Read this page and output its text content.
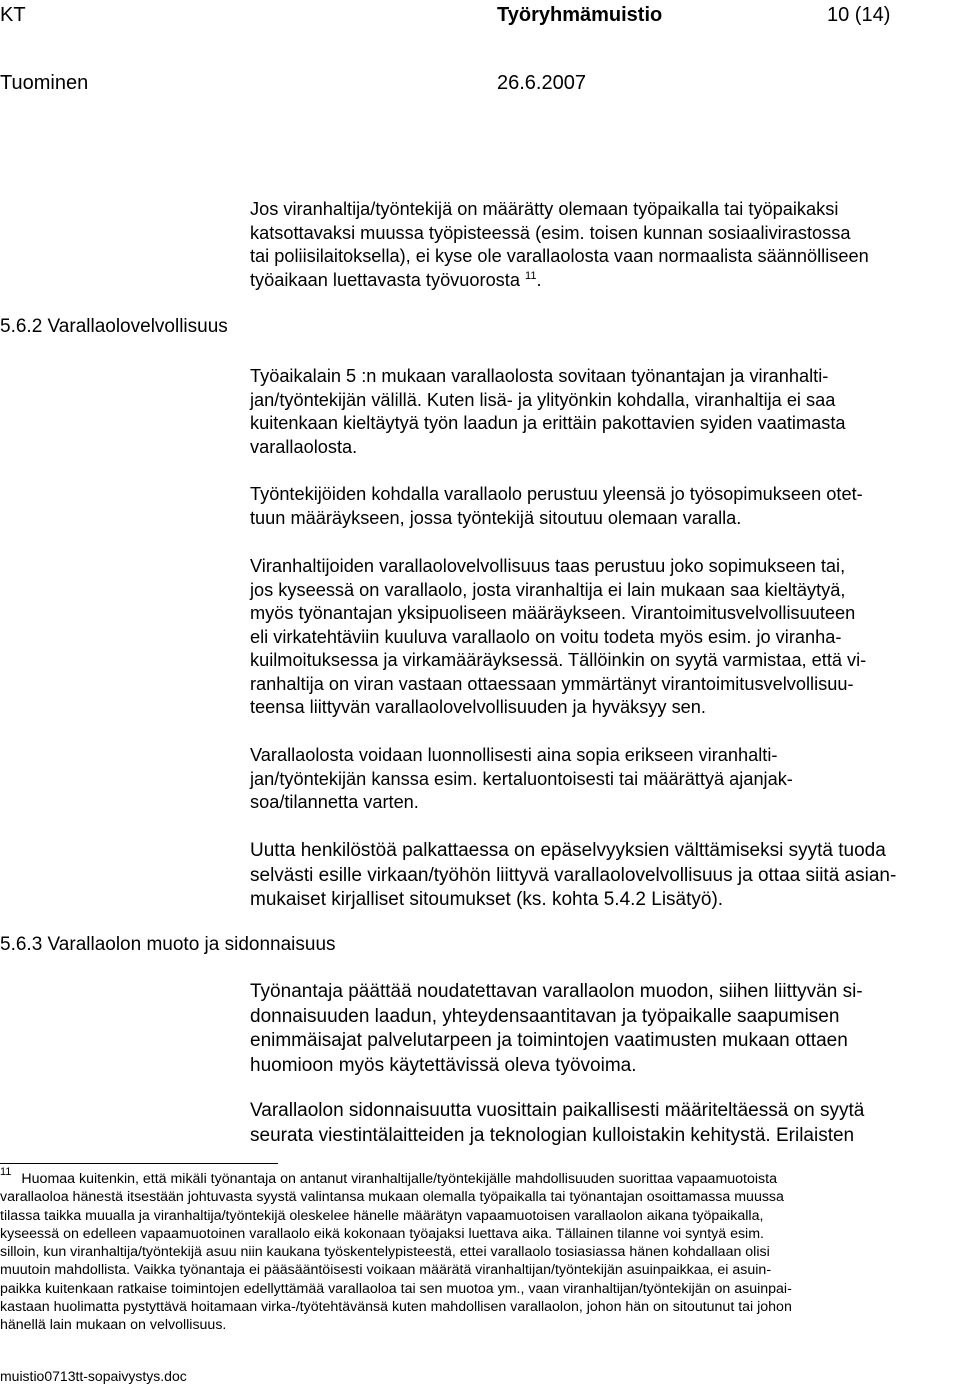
KT	Työryhmämuistio	10 (14)
Tuominen	26.6.2007

Jos viranhaltija/työntekijä on määrätty olemaan työpaikalla tai työpaikaksi

katsottavaksi muussa työpisteessä (esim. toisen kunnan sosiaalivirastossa

tai poliisilaitoksella), ei kyse ole varallaolosta vaan normaalista säännölliseen

työaikaan luettavasta työvuorosta $^{11}$.

5.6.2 Varallaolovelvollisuus

Työaikalain 5 :n mukaan varallaolosta sovitaan työnantajan ja viranhalti-

jan/työntekijän välillä. Kuten lisä- ja ylityönkin kohdalla, viranhaltija ei saa

kuitenkaan kieltäytyä työn laadun ja erittäin pakottavien syiden vaatimasta

varallaolosta.

Työntekijöiden kohdalla varallaolo perustuu yleensä jo työsopimukseen otet-

tuun määräykseen, jossa työntekijä sitoutuu olemaan varalla.

Viranhaltijoiden varallaolovelvollisuus taas perustuu joko sopimukseen tai,

jos kyseessä on varallaolo, josta viranhaltija ei lain mukaan saa kieltäytyä,

myös työnantajan yksipuoliseen määräykseen. Virantoimitusvelvollisuuteen

eli virkatehtäviin kuuluva varallaolo on voitu todeta myös esim. jo viranha-

kuilmoituksessa ja virkamääräyksessä. Tällöinkin on syytä varmistaa, että vi-

ranhaltija on viran vastaan ottaessaan ymmärtänyt virantoimitusvelvollisuu-

teensa liittyvän varallaolovelvollisuuden ja hyväksyy sen.

Varallaolosta voidaan luonnollisesti aina sopia erikseen viranhalti-

jan/työntekijän kanssa esim. kertaluontoisesti tai määrättyä ajanjak-

soa/tilannetta varten.

Uutta henkilöstöä palkattaessa on epäselvyyksien välttämiseksi syytä tuoda

selvästi esille virkaan/työhön liittyvä varallaolovelvollisuus ja ottaa siitä asian-

mukaiset kirjalliset sitoumukset (ks. kohta 5.4.2 Lisätyö).

5.6.3 Varallaolon muoto ja sidonnaisuus

Työnantaja päättää noudatettavan varallaolon muodon, siihen liittyvän si-

donnaisuuden laadun, yhteydensaantitavan ja työpaikalle saapumisen

enimmäisajat palvelutarpeen ja toimintojen vaatimusten mukaan ottaen

huomioon myös käytettävissä oleva työvoima.

Varallaolon sidonnaisuutta vuosittain paikallisesti määriteltäessä on syytä

seurata viestintälaitteiden ja teknologian kulloistakin kehitystä. Erilaisten

$^{11}$ Huomaa kuitenkin, että mikäli työnantaja on antanut viranhaltijalle/työntekijälle mahdollisuuden suorittaa vapaamuotoista

varallaoloa hänestä itsestään johtuvasta syystä valintansa mukaan olemalla työpaikalla tai työnantajan osoittamassa muussa

tilassa taikka muualla ja viranhaltija/työntekijä oleskelee hänelle määrätyn vapaamuotoisen varallaolon aikana työpaikalla,

kyseessä on edelleen vapaamuotoinen varallaolo eikä kokonaan työajaksi luettava aika. Tällainen tilanne voi syntyä esim.

silloin, kun viranhaltija/työntekijä asuu niin kaukana työskentelypisteestä, ettei varallaolo tosiasiassa hänen kohdallaan olisi

muutoin mahdollista. Vaikka työnantaja ei pääsääntöisesti voikaan määrätä viranhaltijan/työntekijän asuinpaikkaa, ei asuin-

paikka kuitenkaan ratkaise toimintojen edellyttämää varallaoloa tai sen muotoa ym., vaan viranhaltijan/työntekijän on asuinpai-

kastaan huolimatta pystyttävä hoitamaan virka-/työtehtävänsä kuten mahdollisen varallaolon, johon hän on sitoutunut tai johon

hänellä lain mukaan on velvollisuus.

muistio0713tt-sopaivystys.doc
